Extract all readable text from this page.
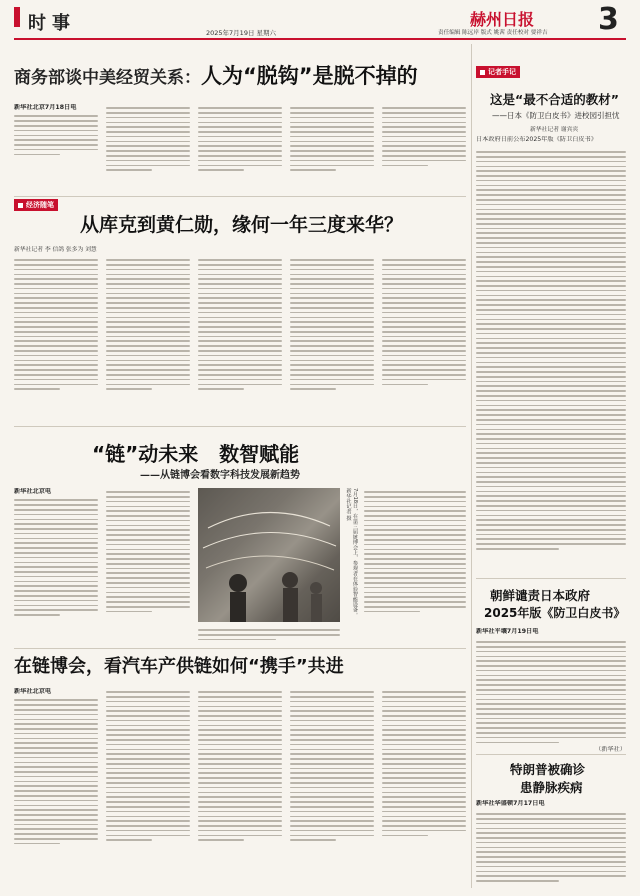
时事	2025年7月19日 星期六
赫州日报
责任编辑 陈远岸 版式 姚茜 责任校对 要祥吉 3
商务部谈中美经贸关系：人为“脱钩”是脱不掉的
新华社北京7月18日电
经济随笔
从库克到黄仁勋，缘何一年三度来华？
新华社记者 李 信鸽 张多为 刘慧
“链”动未来   数智赋能
——从链博会看数字科技发展新趋势
新华社北京电	7月18日，在第三届链博会上，参观者在体验智能设备。新华社记者 摄
在链博会，看汽车产供链如何“携手”共进
新华社北京电
记者手记
这是“最不合适的教材”
——日本《防卫白皮书》进校园引担忧
新华社记者 谢宾宾
日本政府日前公布2025年版《防卫白皮书》
朝鲜谴责日本政府
2025年版《防卫白皮书》
新华社平壤7月19日电
（新华社）
特朗普被确诊
患静脉疾病
新华社华盛顿7月17日电
